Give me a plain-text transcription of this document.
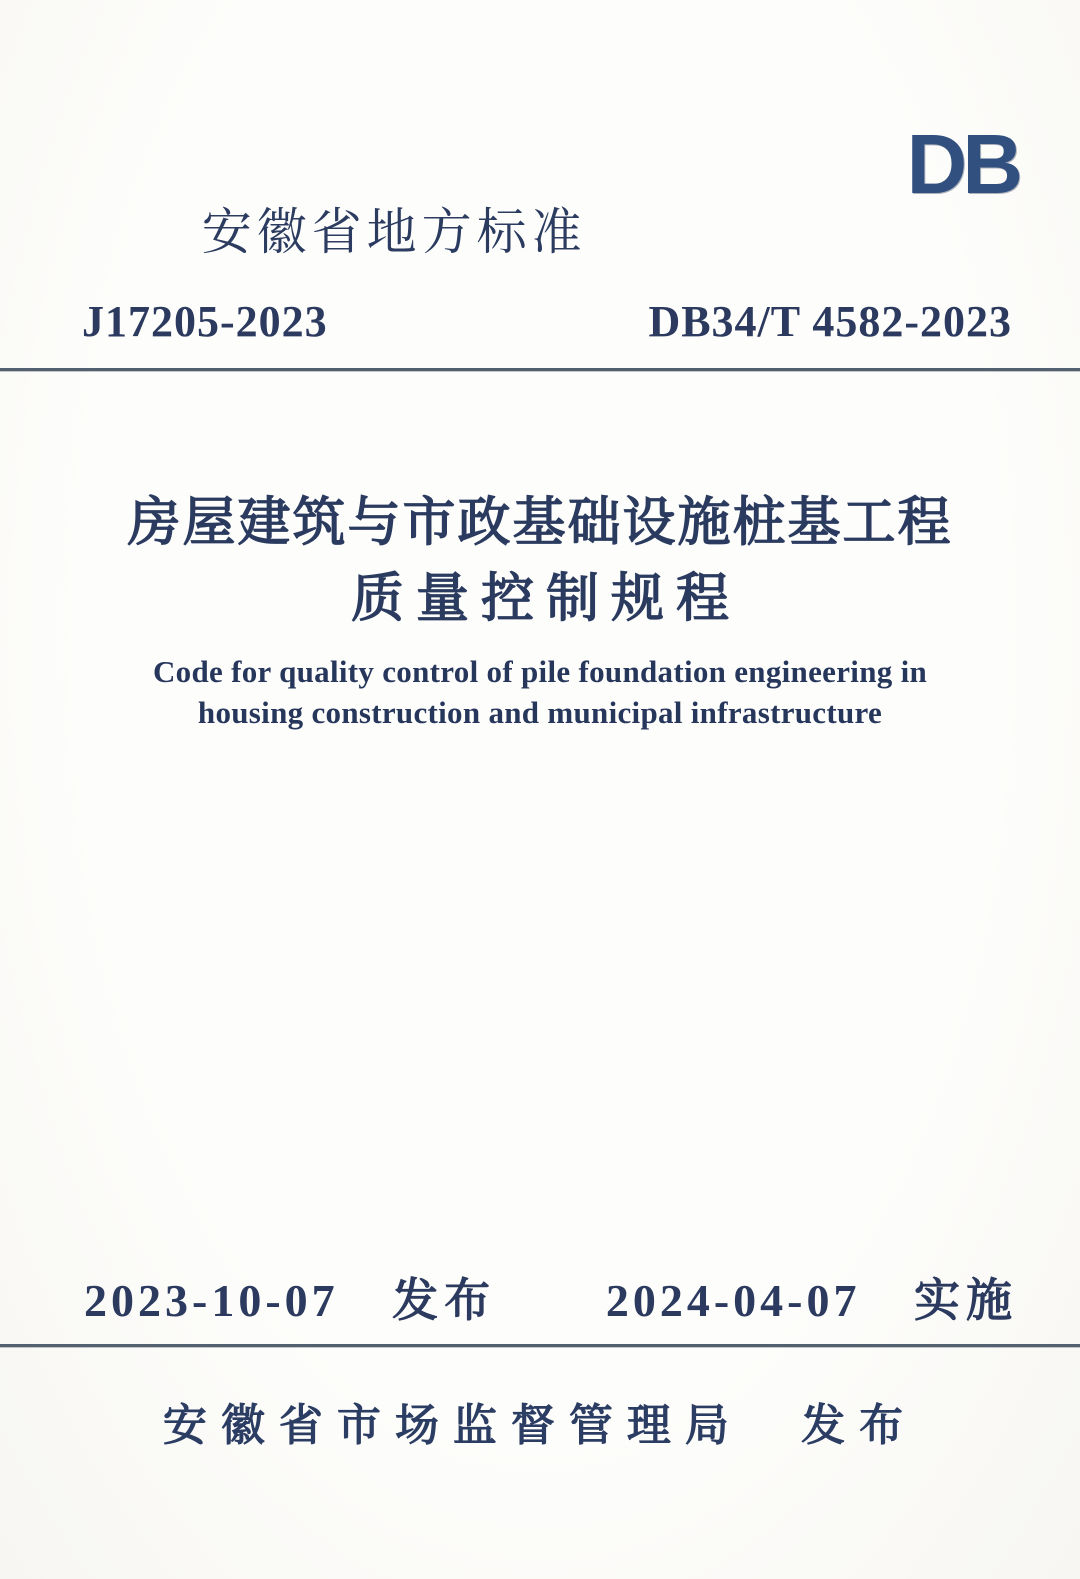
DB
安徽省地方标准
J17205-2023	DB34/T 4582-2023
房屋建筑与市政基础设施桩基工程
质量控制规程
Code for quality control of pile foundation engineering in
housing construction and municipal infrastructure
2023-10-07 发布 2024-04-07 实施
安徽省市场监督管理局 发布
